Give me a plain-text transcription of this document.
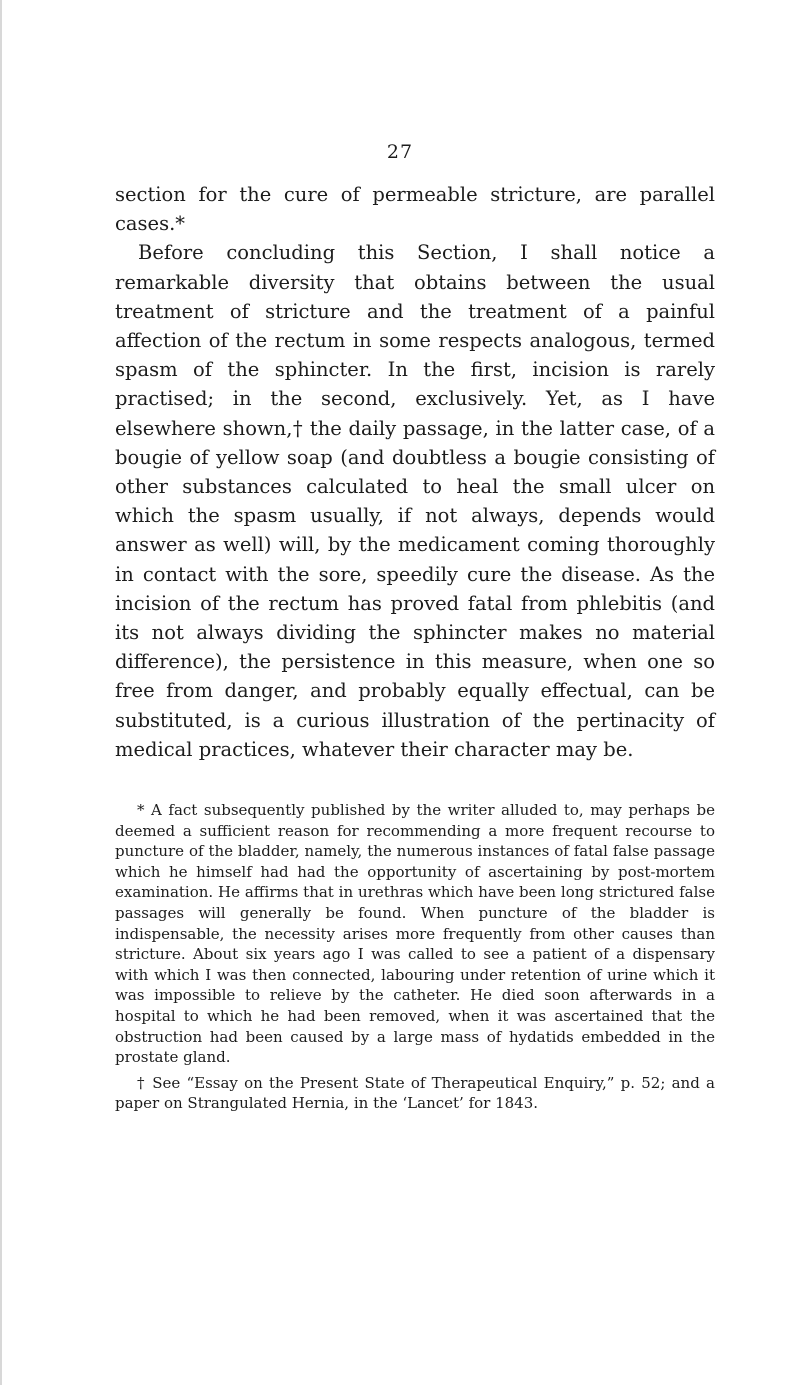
27

section for the cure of permeable stricture, are parallel cases.*

Before concluding this Section, I shall notice a remarkable diversity that obtains between the usual treatment of stricture and the treatment of a painful affection of the rectum in some respects analogous, termed spasm of the sphincter. In the first, incision is rarely practised; in the second, exclusively. Yet, as I have elsewhere shown,† the daily passage, in the latter case, of a bougie of yellow soap (and doubtless a bougie consisting of other substances calculated to heal the small ulcer on which the spasm usually, if not always, depends would answer as well) will, by the medicament coming thoroughly in contact with the sore, speedily cure the disease. As the incision of the rectum has proved fatal from phlebitis (and its not always dividing the sphincter makes no material difference), the persistence in this measure, when one so free from danger, and probably equally effectual, can be substituted, is a curious illustration of the pertinacity of medical practices, whatever their character may be.

* A fact subsequently published by the writer alluded to, may perhaps be deemed a sufficient reason for recommending a more frequent recourse to puncture of the bladder, namely, the numerous instances of fatal false passage which he himself had had the opportunity of ascertaining by post-mortem examination. He affirms that in urethras which have been long strictured false passages will generally be found. When puncture of the bladder is indispensable, the necessity arises more frequently from other causes than stricture. About six years ago I was called to see a patient of a dispensary with which I was then connected, labouring under retention of urine which it was impossible to relieve by the catheter. He died soon afterwards in a hospital to which he had been removed, when it was ascertained that the obstruction had been caused by a large mass of hydatids embedded in the prostate gland.

† See “Essay on the Present State of Therapeutical Enquiry,” p. 52; and a paper on Strangulated Hernia, in the ‘Lancet’ for 1843.
